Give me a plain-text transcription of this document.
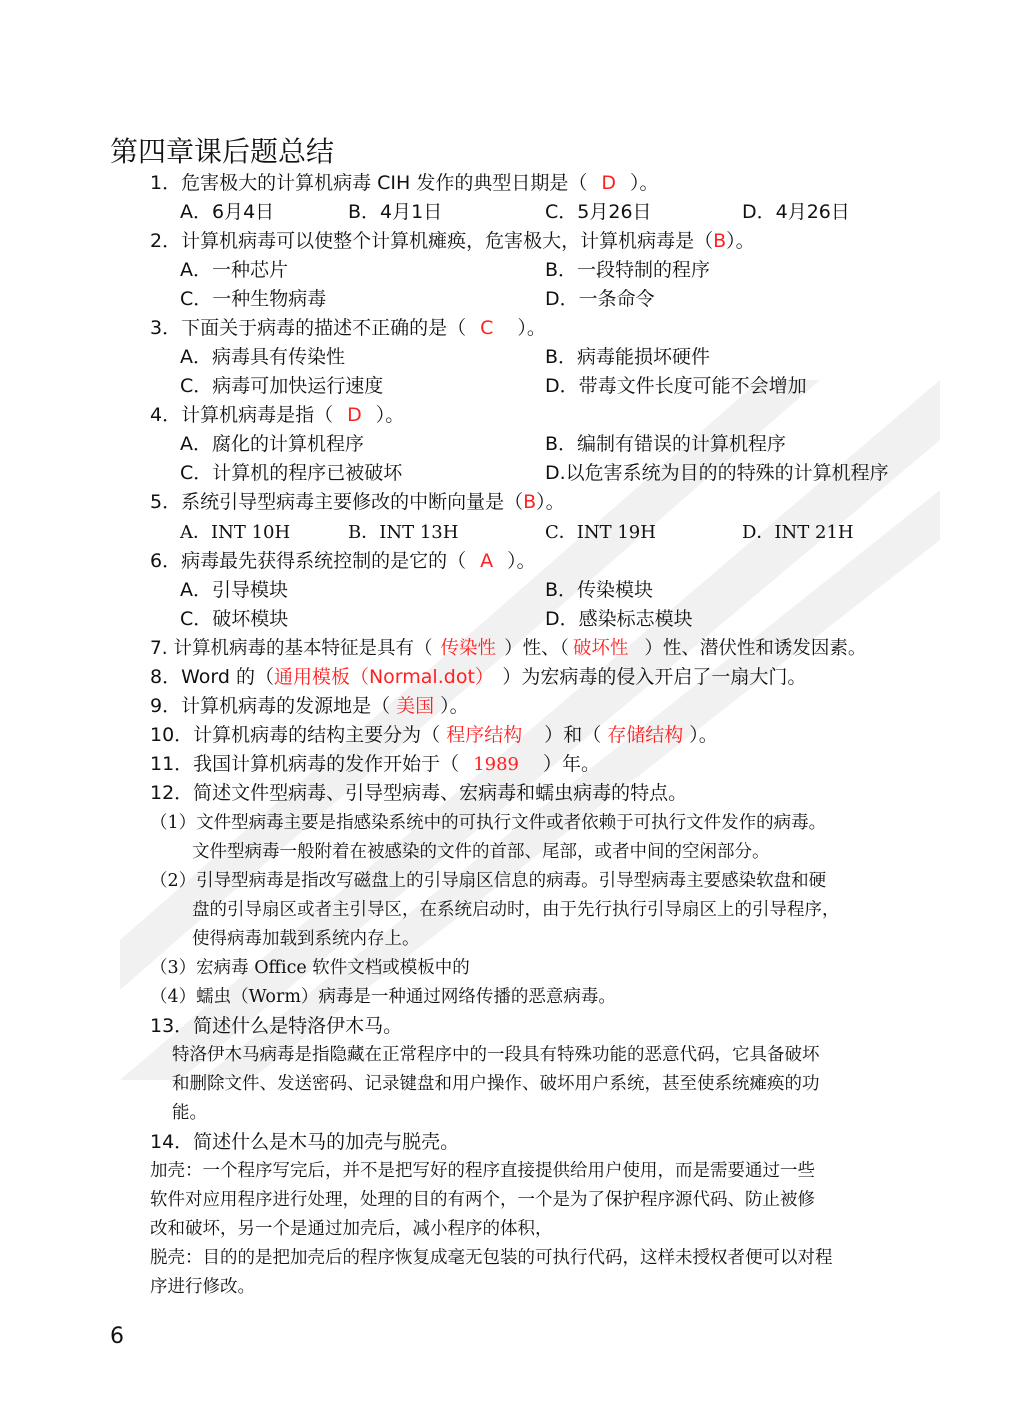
第四章课后题总结
1．危害极大的计算机病毒 CIH 发作的典型日期是（ D ）。
A．6月4日	B．4月1日	C．5月26日	D．4月26日
2．计算机病毒可以使整个计算机瘫痪，危害极大，计算机病毒是（B）。
A．一种芯片	B．一段特制的程序
C．一种生物病毒	D．一条命令
3．下面关于病毒的描述不正确的是（ C ）。
A．病毒具有传染性	B．病毒能损坏硬件
C．病毒可加快运行速度	D．带毒文件长度可能不会增加
4．计算机病毒是指（ D ）。
A．腐化的计算机程序	B．编制有错误的计算机程序
C．计算机的程序已被破坏	D.以危害系统为目的的特殊的计算机程序
5．系统引导型病毒主要修改的中断向量是（B）。
A．INT 10H	B．INT 13H	C．INT 19H	D．INT 21H
6．病毒最先获得系统控制的是它的（ A ）。
A．引导模块	B．传染模块
C．破坏模块	D．感染标志模块
7. 计算机病毒的基本特征是具有（ 传染性 ）性、（ 破坏性 ）性、潜伏性和诱发因素。
8．Word 的（通用模板（Normal.dot） ）为宏病毒的侵入开启了一扇大门。
9．计算机病毒的发源地是（ 美国 ）。
10．计算机病毒的结构主要分为（ 程序结构 ）和（ 存储结构 ）。
11．我国计算机病毒的发作开始于（ 1989 ）年。
12．简述文件型病毒、引导型病毒、宏病毒和蠕虫病毒的特点。
（1）文件型病毒主要是指感染系统中的可执行文件或者依赖于可执行文件发作的病毒。
文件型病毒一般附着在被感染的文件的首部、尾部，或者中间的空闲部分。
（2）引导型病毒是指改写磁盘上的引导扇区信息的病毒。引导型病毒主要感染软盘和硬
盘的引导扇区或者主引导区，在系统启动时，由于先行执行引导扇区上的引导程序，
使得病毒加载到系统内存上。
（3）宏病毒 Office 软件文档或模板中的
（4）蠕虫（Worm）病毒是一种通过网络传播的恶意病毒。
13．简述什么是特洛伊木马。
特洛伊木马病毒是指隐藏在正常程序中的一段具有特殊功能的恶意代码，它具备破坏
和删除文件、发送密码、记录键盘和用户操作、破坏用户系统，甚至使系统瘫痪的功
能。
14．简述什么是木马的加壳与脱壳。
加壳：一个程序写完后，并不是把写好的程序直接提供给用户使用，而是需要通过一些
软件对应用程序进行处理，处理的目的有两个，一个是为了保护程序源代码、防止被修
改和破坏，另一个是通过加壳后，减小程序的体积，
脱壳：目的的是把加壳后的程序恢复成毫无包装的可执行代码，这样未授权者便可以对程
序进行修改。
6
